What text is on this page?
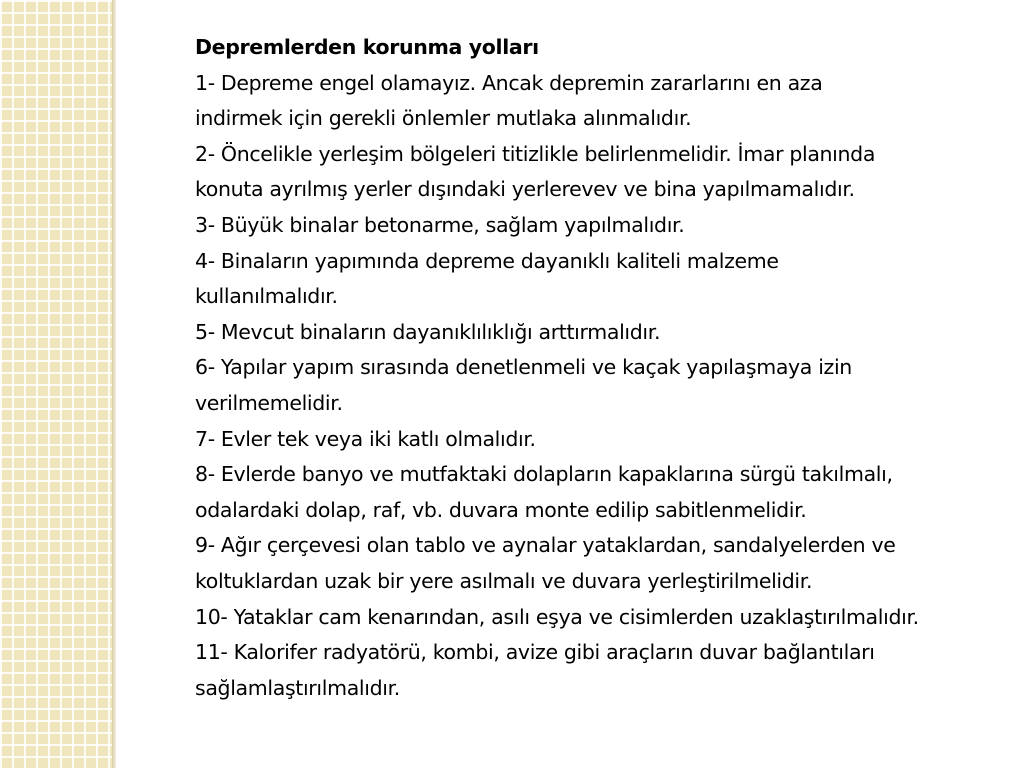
Depremlerden korunma yolları

1- Depreme engel olamayız. Ancak depremin zararlarını en aza
indirmek için gerekli önlemler mutlaka alınmalıdır.

2- Öncelikle yerleşim bölgeleri titizlikle belirlenmelidir. İmar planında
konuta ayrılmış yerler dışındaki yerlerevev ve bina yapılmamalıdır.

3- Büyük binalar betonarme, sağlam yapılmalıdır.

4- Binaların yapımında depreme dayanıklı kaliteli malzeme
kullanılmalıdır.

5- Mevcut binaların dayanıklılıklığı arttırmalıdır.

6- Yapılar yapım sırasında denetlenmeli ve kaçak yapılaşmaya izin
verilmemelidir.

7- Evler tek veya iki katlı olmalıdır.

8- Evlerde banyo ve mutfaktaki dolapların kapaklarına sürgü takılmalı,
odalardaki dolap, raf, vb. duvara monte edilip sabitlenmelidir.

9- Ağır çerçevesi olan tablo ve aynalar yataklardan, sandalyelerden ve
koltuklardan uzak bir yere asılmalı ve duvara yerleştirilmelidir.

10- Yataklar cam kenarından, asılı eşya ve cisimlerden uzaklaştırılmalıdır.

11- Kalorifer radyatörü, kombi, avize gibi araçların duvar bağlantıları
sağlamlaştırılmalıdır.
